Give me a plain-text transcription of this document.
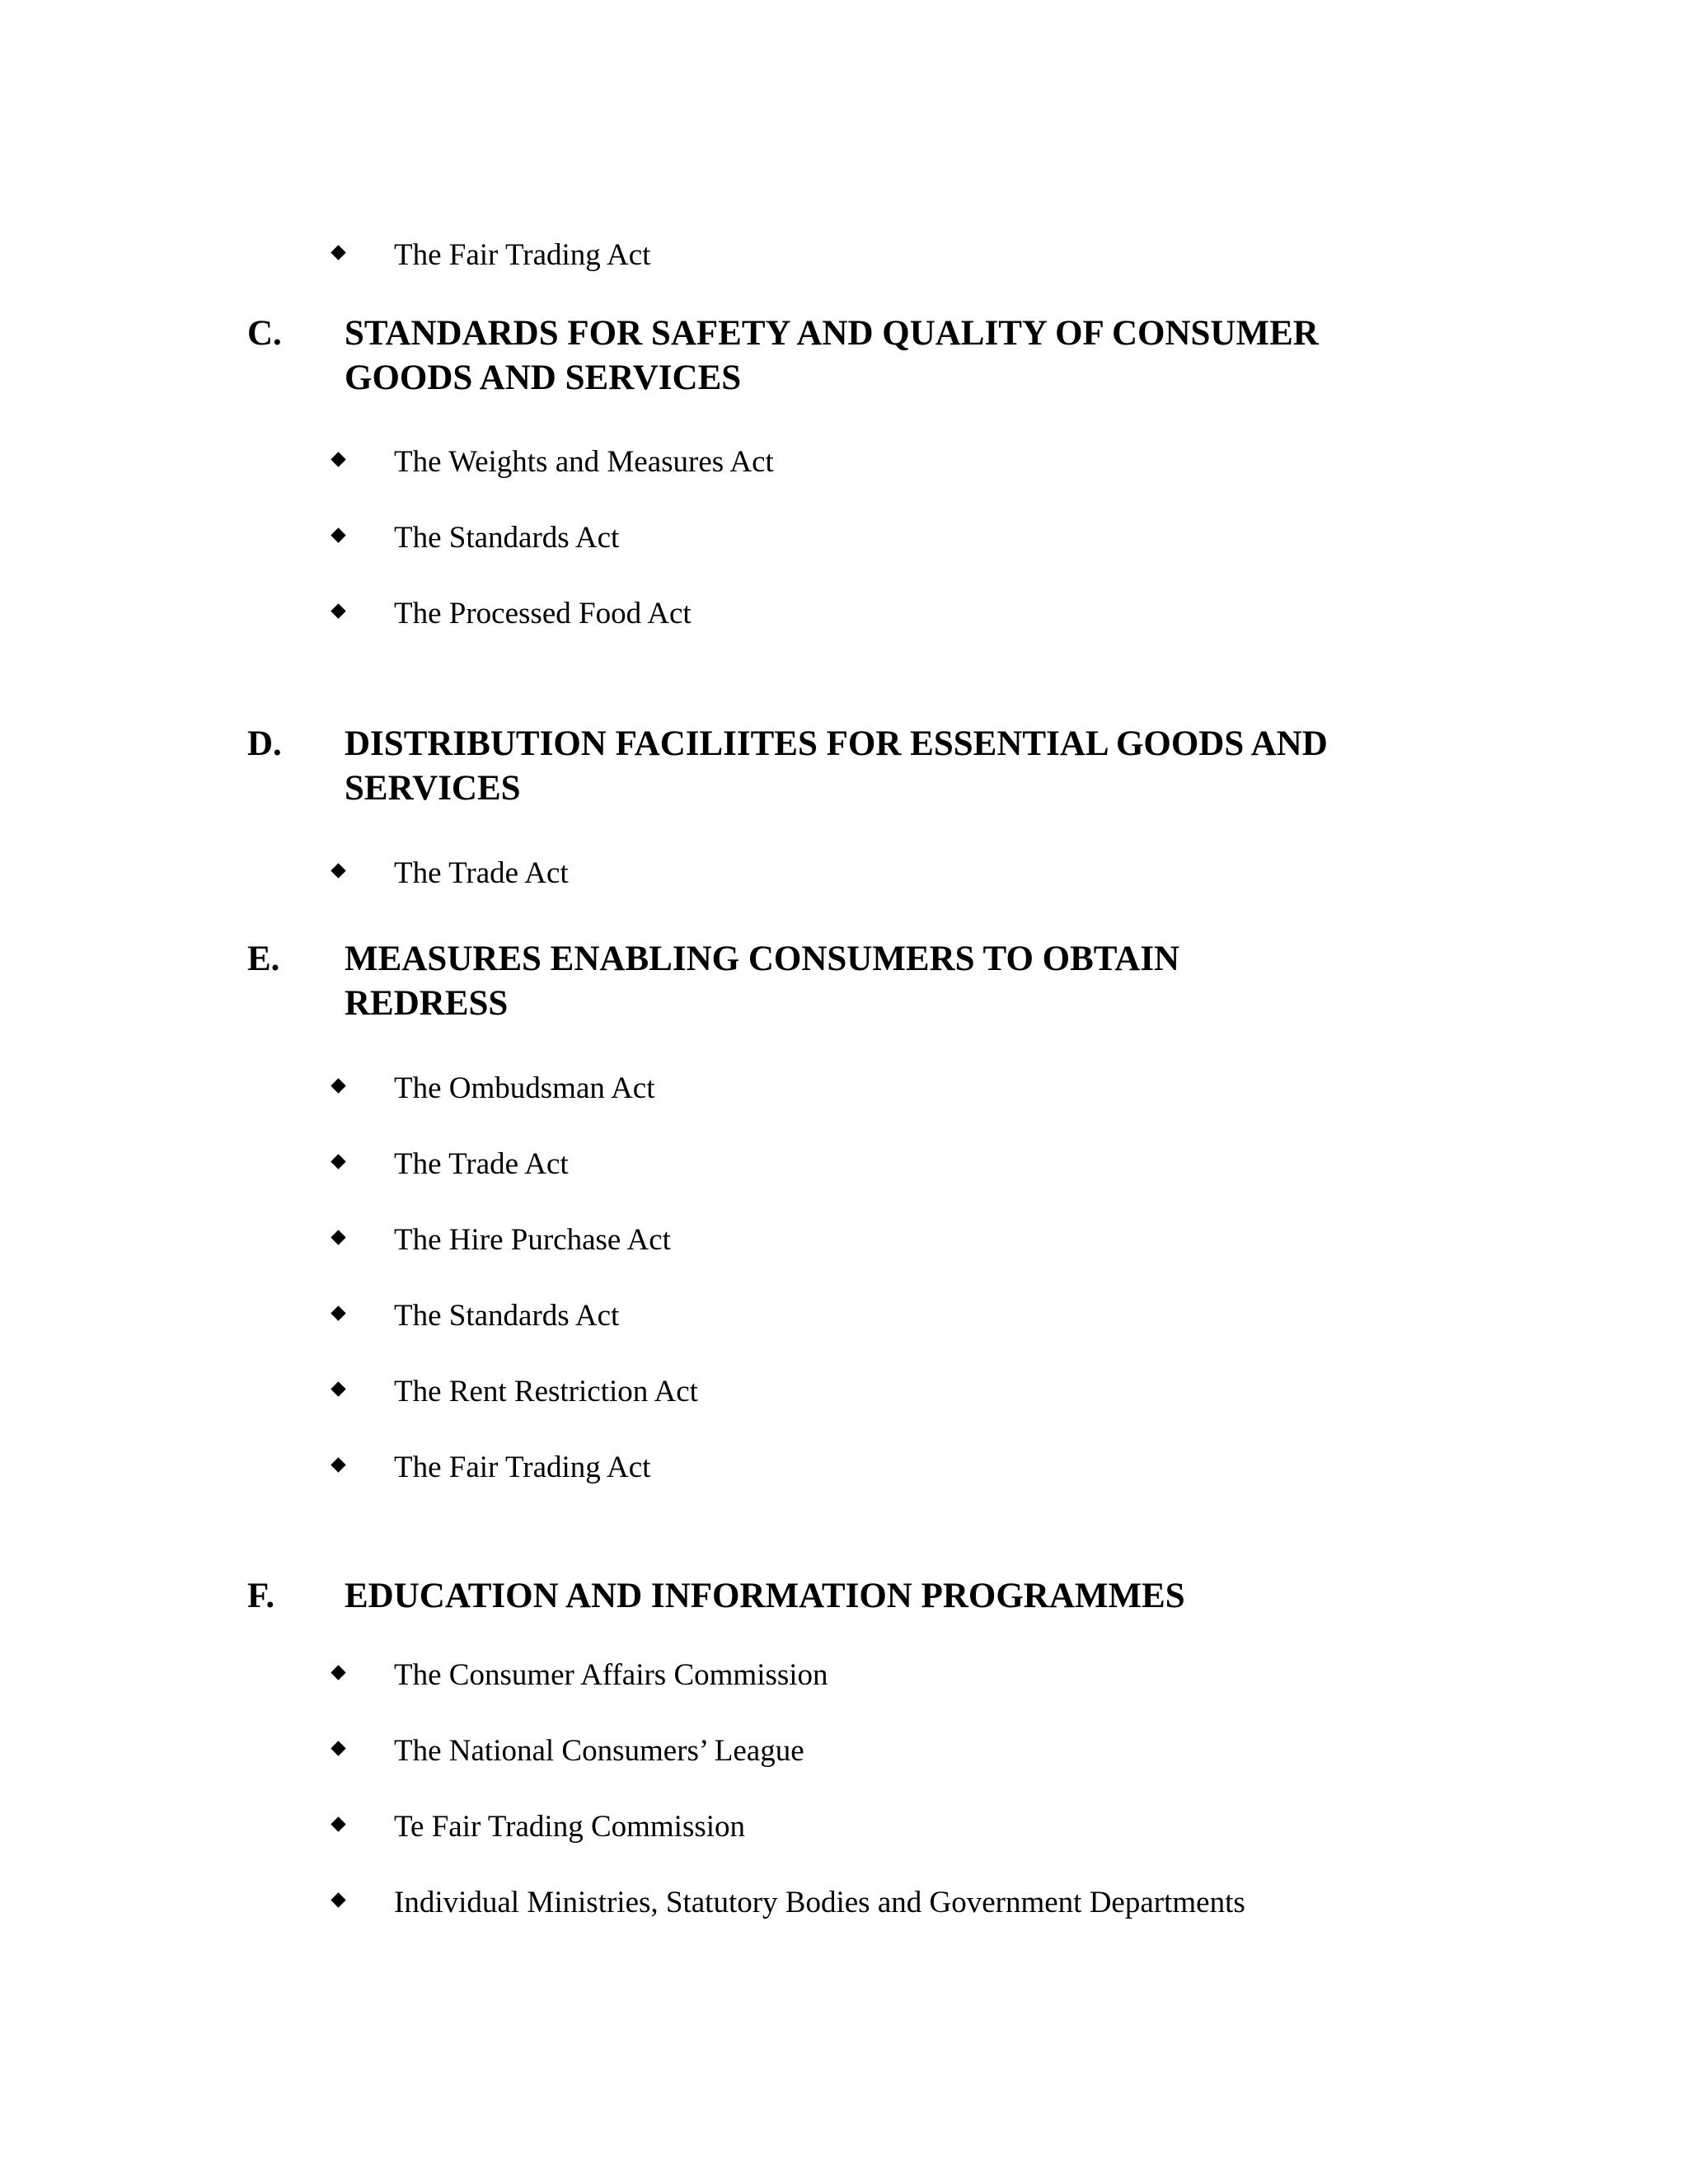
The Fair Trading Act
C. STANDARDS FOR SAFETY AND QUALITY OF CONSUMER
GOODS AND SERVICES
The Weights and Measures Act
The Standards Act
The Processed Food Act
D. DISTRIBUTION FACILIITES FOR ESSENTIAL GOODS AND
SERVICES
The Trade Act
E. MEASURES ENABLING CONSUMERS TO OBTAIN
REDRESS
The Ombudsman Act
The Trade Act
The Hire Purchase Act
The Standards Act
The Rent Restriction Act
The Fair Trading Act
F. EDUCATION AND INFORMATION PROGRAMMES
The Consumer Affairs Commission
The National Consumers’ League
Te Fair Trading Commission
Individual Ministries, Statutory Bodies and Government Departments
